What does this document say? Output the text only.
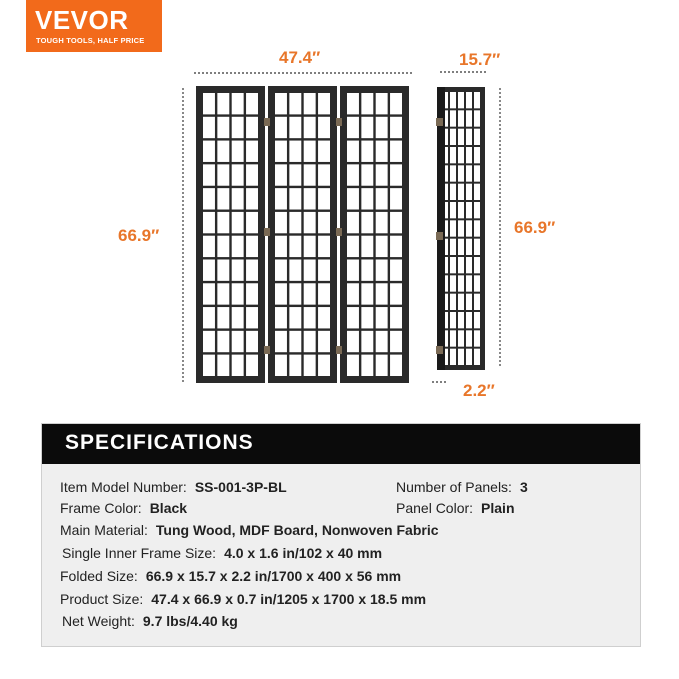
VEVOR
TOUGH TOOLS, HALF PRICE
47.4″
66.9″
15.7″
66.9″
2.2″
SPECIFICATIONS
Item Model Number: SS-001-3P-BL	Number of Panels: 3
Frame Color: Black	Panel Color: Plain
Main Material: Tung Wood, MDF Board, Nonwoven Fabric
Single Inner Frame Size: 4.0 x 1.6 in/102 x 40 mm
Folded Size: 66.9 x 15.7 x 2.2 in/1700 x 400 x 56 mm
Product Size: 47.4 x 66.9 x 0.7 in/1205 x 1700 x 18.5 mm
Net Weight: 9.7 lbs/4.40 kg
